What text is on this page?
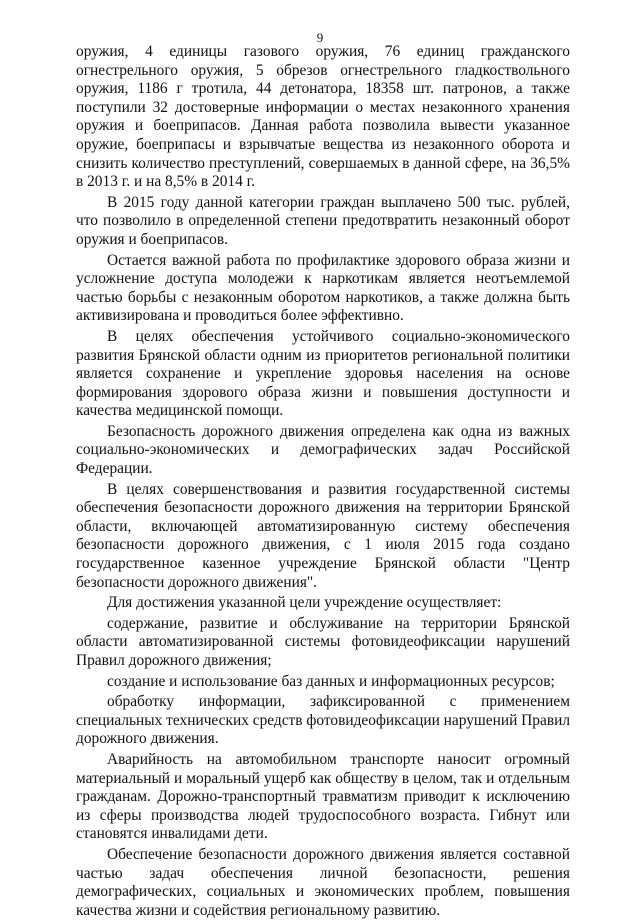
9

оружия, 4 единицы газового оружия, 76 единиц гражданского огнестрельного оружия, 5 обрезов огнестрельного гладкоствольного оружия, 1186 г тротила, 44 детонатора, 18358 шт. патронов, а также поступили 32 достоверные информации о местах незаконного хранения оружия и боеприпасов. Данная работа позволила вывести указанное оружие, боеприпасы и взрывчатые вещества из незаконного оборота и снизить количество преступлений, совершаемых в данной сфере, на 36,5% в 2013 г. и на 8,5% в 2014 г.

В 2015 году данной категории граждан выплачено 500 тыс. рублей, что позволило в определенной степени предотвратить незаконный оборот оружия и боеприпасов.

Остается важной работа по профилактике здорового образа жизни и усложнение доступа молодежи к наркотикам является неотъемлемой частью борьбы с незаконным оборотом наркотиков, а также должна быть активизирована и проводиться более эффективно.

В целях обеспечения устойчивого социально-экономического развития Брянской области одним из приоритетов региональной политики является сохранение и укрепление здоровья населения на основе формирования здорового образа жизни и повышения доступности и качества медицинской помощи.

Безопасность дорожного движения определена как одна из важных социально-экономических и демографических задач Российской Федерации.

В целях совершенствования и развития государственной системы обеспечения безопасности дорожного движения на территории Брянской области, включающей автоматизированную систему обеспечения безопасности дорожного движения, с 1 июля 2015 года создано государственное казенное учреждение Брянской области "Центр безопасности дорожного движения".

Для достижения указанной цели учреждение осуществляет:

содержание, развитие и обслуживание на территории Брянской области автоматизированной системы фотовидеофиксации нарушений Правил дорожного движения;

создание и использование баз данных и информационных ресурсов;

обработку информации, зафиксированной с применением специальных технических средств фотовидеофиксации нарушений Правил дорожного движения.

Аварийность на автомобильном транспорте наносит огромный материальный и моральный ущерб как обществу в целом, так и отдельным гражданам. Дорожно-транспортный травматизм приводит к исключению из сферы производства людей трудоспособного возраста. Гибнут или становятся инвалидами дети.

Обеспечение безопасности дорожного движения является составной частью задач обеспечения личной безопасности, решения демографических, социальных и экономических проблем, повышения качества жизни и содействия региональному развитию.
